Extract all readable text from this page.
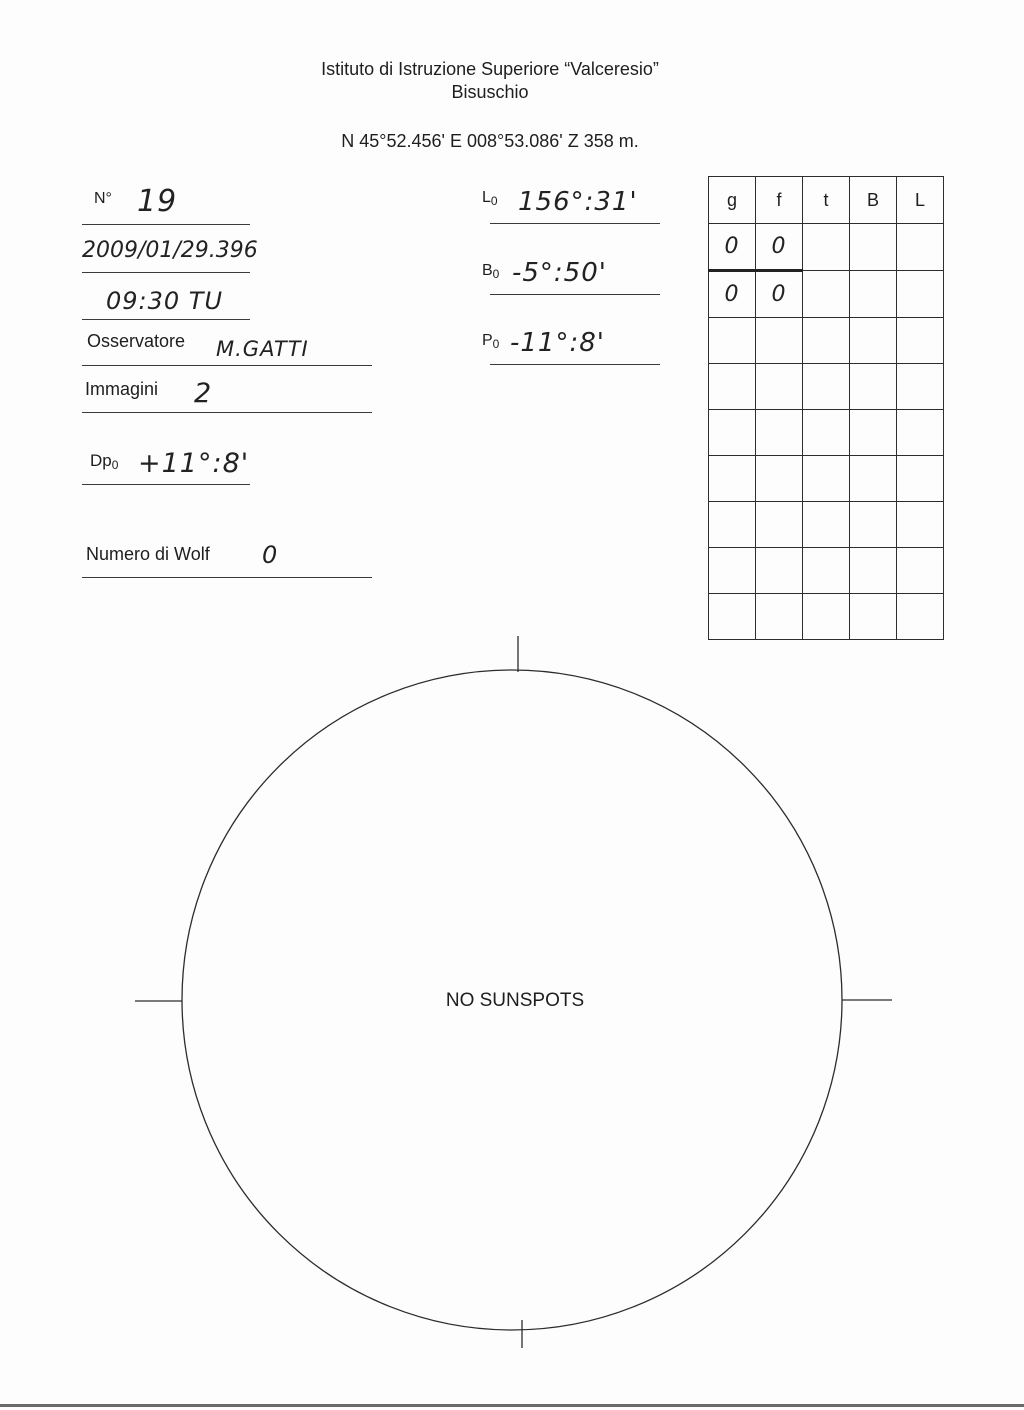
Istituto di Istruzione Superiore “Valceresio”
Bisuschio
N 45°52.456' E 008°53.086' Z 358 m.
N° 19
2009/01/29.396
09:30 TU
Osservatore M.GATTI
Immagini 2
$Dp_0$ +11°:8'
Numero di Wolf 0
$L_0$ 156°:31'
$B_0$ -5°:50'
$P_0$ -11°:8'
g	f	t	B	L
0	0			
0	0			

NO SUNSPOTS
